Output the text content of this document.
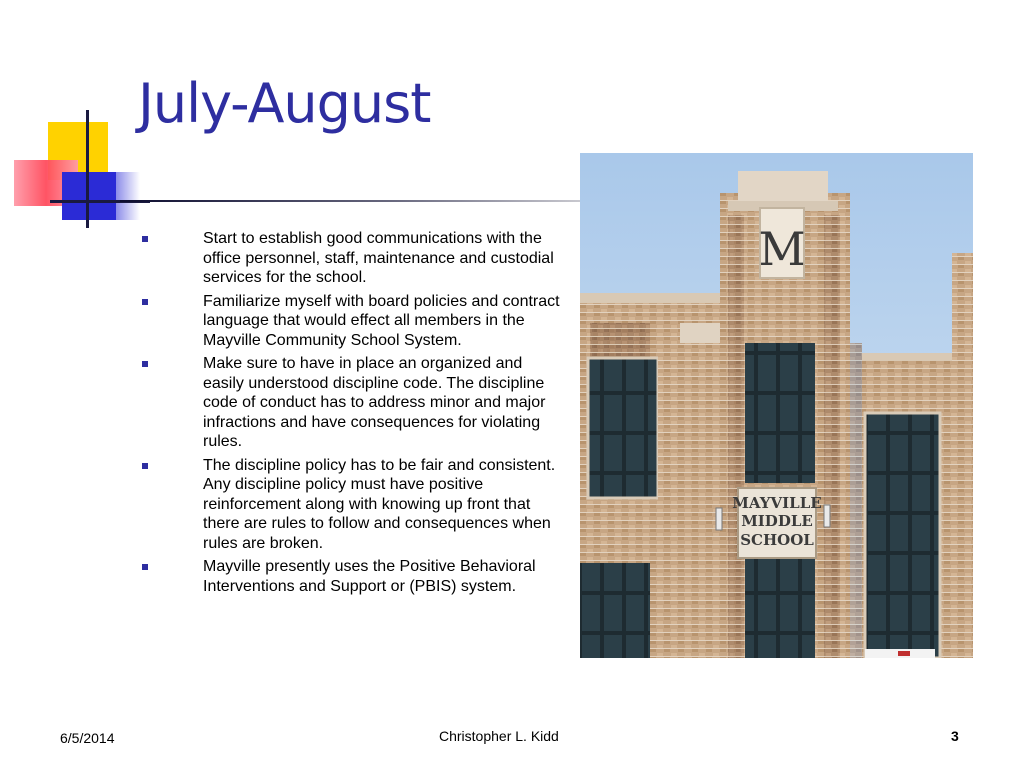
July-August
Start to establish good communications with the office personnel, staff, maintenance and custodial services for the school.
Familiarize myself with board policies and contract language that would effect all members in the Mayville Community School System.
Make sure to have in place an organized and easily understood discipline code. The discipline code of conduct has to address minor and major infractions and have consequences for violating rules.
The discipline policy has to be fair and consistent. Any discipline policy must have positive reinforcement along with knowing up front that there are rules to follow and consequences when rules are broken.
Mayville presently uses the Positive Behavioral Interventions and Support or (PBIS) system.
M
MAYVILLE
MIDDLE
SCHOOL
6/5/2014	Christopher L. Kidd	3
